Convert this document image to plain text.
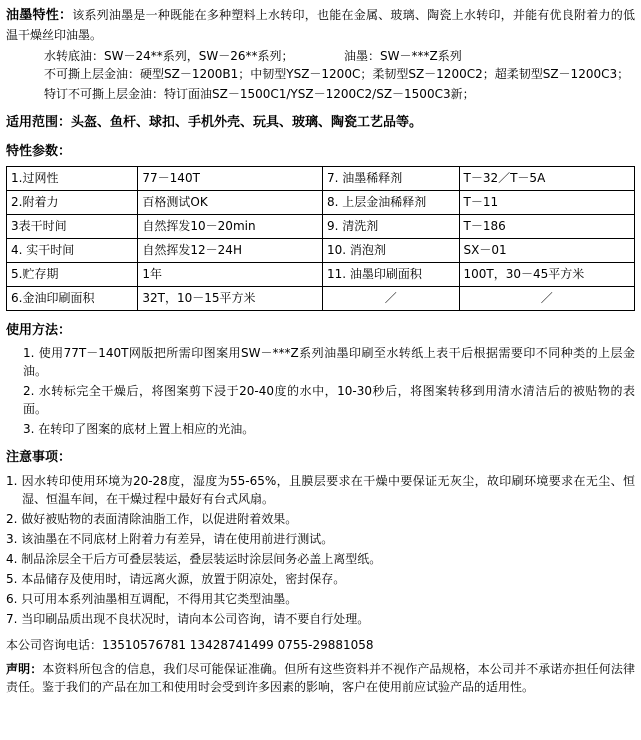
油墨特性：该系列油墨是一种既能在多种塑料上水转印，也能在金属、玻璃、陶瓷上水转印，并能有优良附着力的低温干燥丝印油墨。
水转底油：SW－24**系列，SW－26**系列；	油墨：SW－***Z系列
不可撕上层金油：硬型SZ－1200B1；中韧型YSZ－1200C；柔韧型SZ－1200C2；超柔韧型SZ－1200C3；
特订不可撕上层金油：特订面油SZ－1500C1/YSZ－1200C2/SZ－1500C3新；
适用范围：头盔、鱼杆、球扣、手机外壳、玩具、玻璃、陶瓷工艺品等。
特性参数：
1.过网性	77－140T	7. 油墨稀释剂	T－32／T－5A
2.附着力	百格测试OK	8. 上层金油稀释剂	T－11
3表干时间	自然挥发10－20min	9. 清洗剂	T－186
4. 实干时间	自然挥发12－24H	10. 消泡剂	SX－01
5.贮存期	1年	11. 油墨印刷面积	100T，30－45平方米
6.金油印刷面积	32T，10－15平方米	／	／
使用方法：

1. 使用77T－140T网版把所需印图案用SW－***Z系列油墨印刷至水转纸上表干后根据需要印不同种类的上层金油。

2. 水转标完全干燥后，将图案剪下浸于20-40度的水中，10-30秒后，将图案转移到用清水清洁后的被贴物的表面。

3. 在转印了图案的底材上置上相应的光油。

注意事项：

1. 因水转印使用环境为20-28度，湿度为55-65%，且膜层要求在干燥中要保证无灰尘，故印刷环境要求在无尘、恒湿、恒温车间，在干燥过程中最好有台式风扇。

2. 做好被贴物的表面清除油脂工作，以促进附着效果。

3. 该油墨在不同底材上附着力有差异，请在使用前进行测试。

4. 制品涂层全干后方可叠层装运，叠层装运时涂层间务必盖上离型纸。

5. 本品储存及使用时，请远离火源，放置于阴凉处，密封保存。

6. 只可用本系列油墨相互调配，不得用其它类型油墨。

7. 当印刷品质出现不良状况时，请向本公司咨询，请不要自行处理。

本公司咨询电话：13510576781 13428741499 0755-29881058
声明：本资料所包含的信息，我们尽可能保证准确。但所有这些资料并不视作产品规格，本公司并不承诺亦担任何法律责任。鉴于我们的产品在加工和使用时会受到许多因素的影响，客户在使用前应试验产品的适用性。
